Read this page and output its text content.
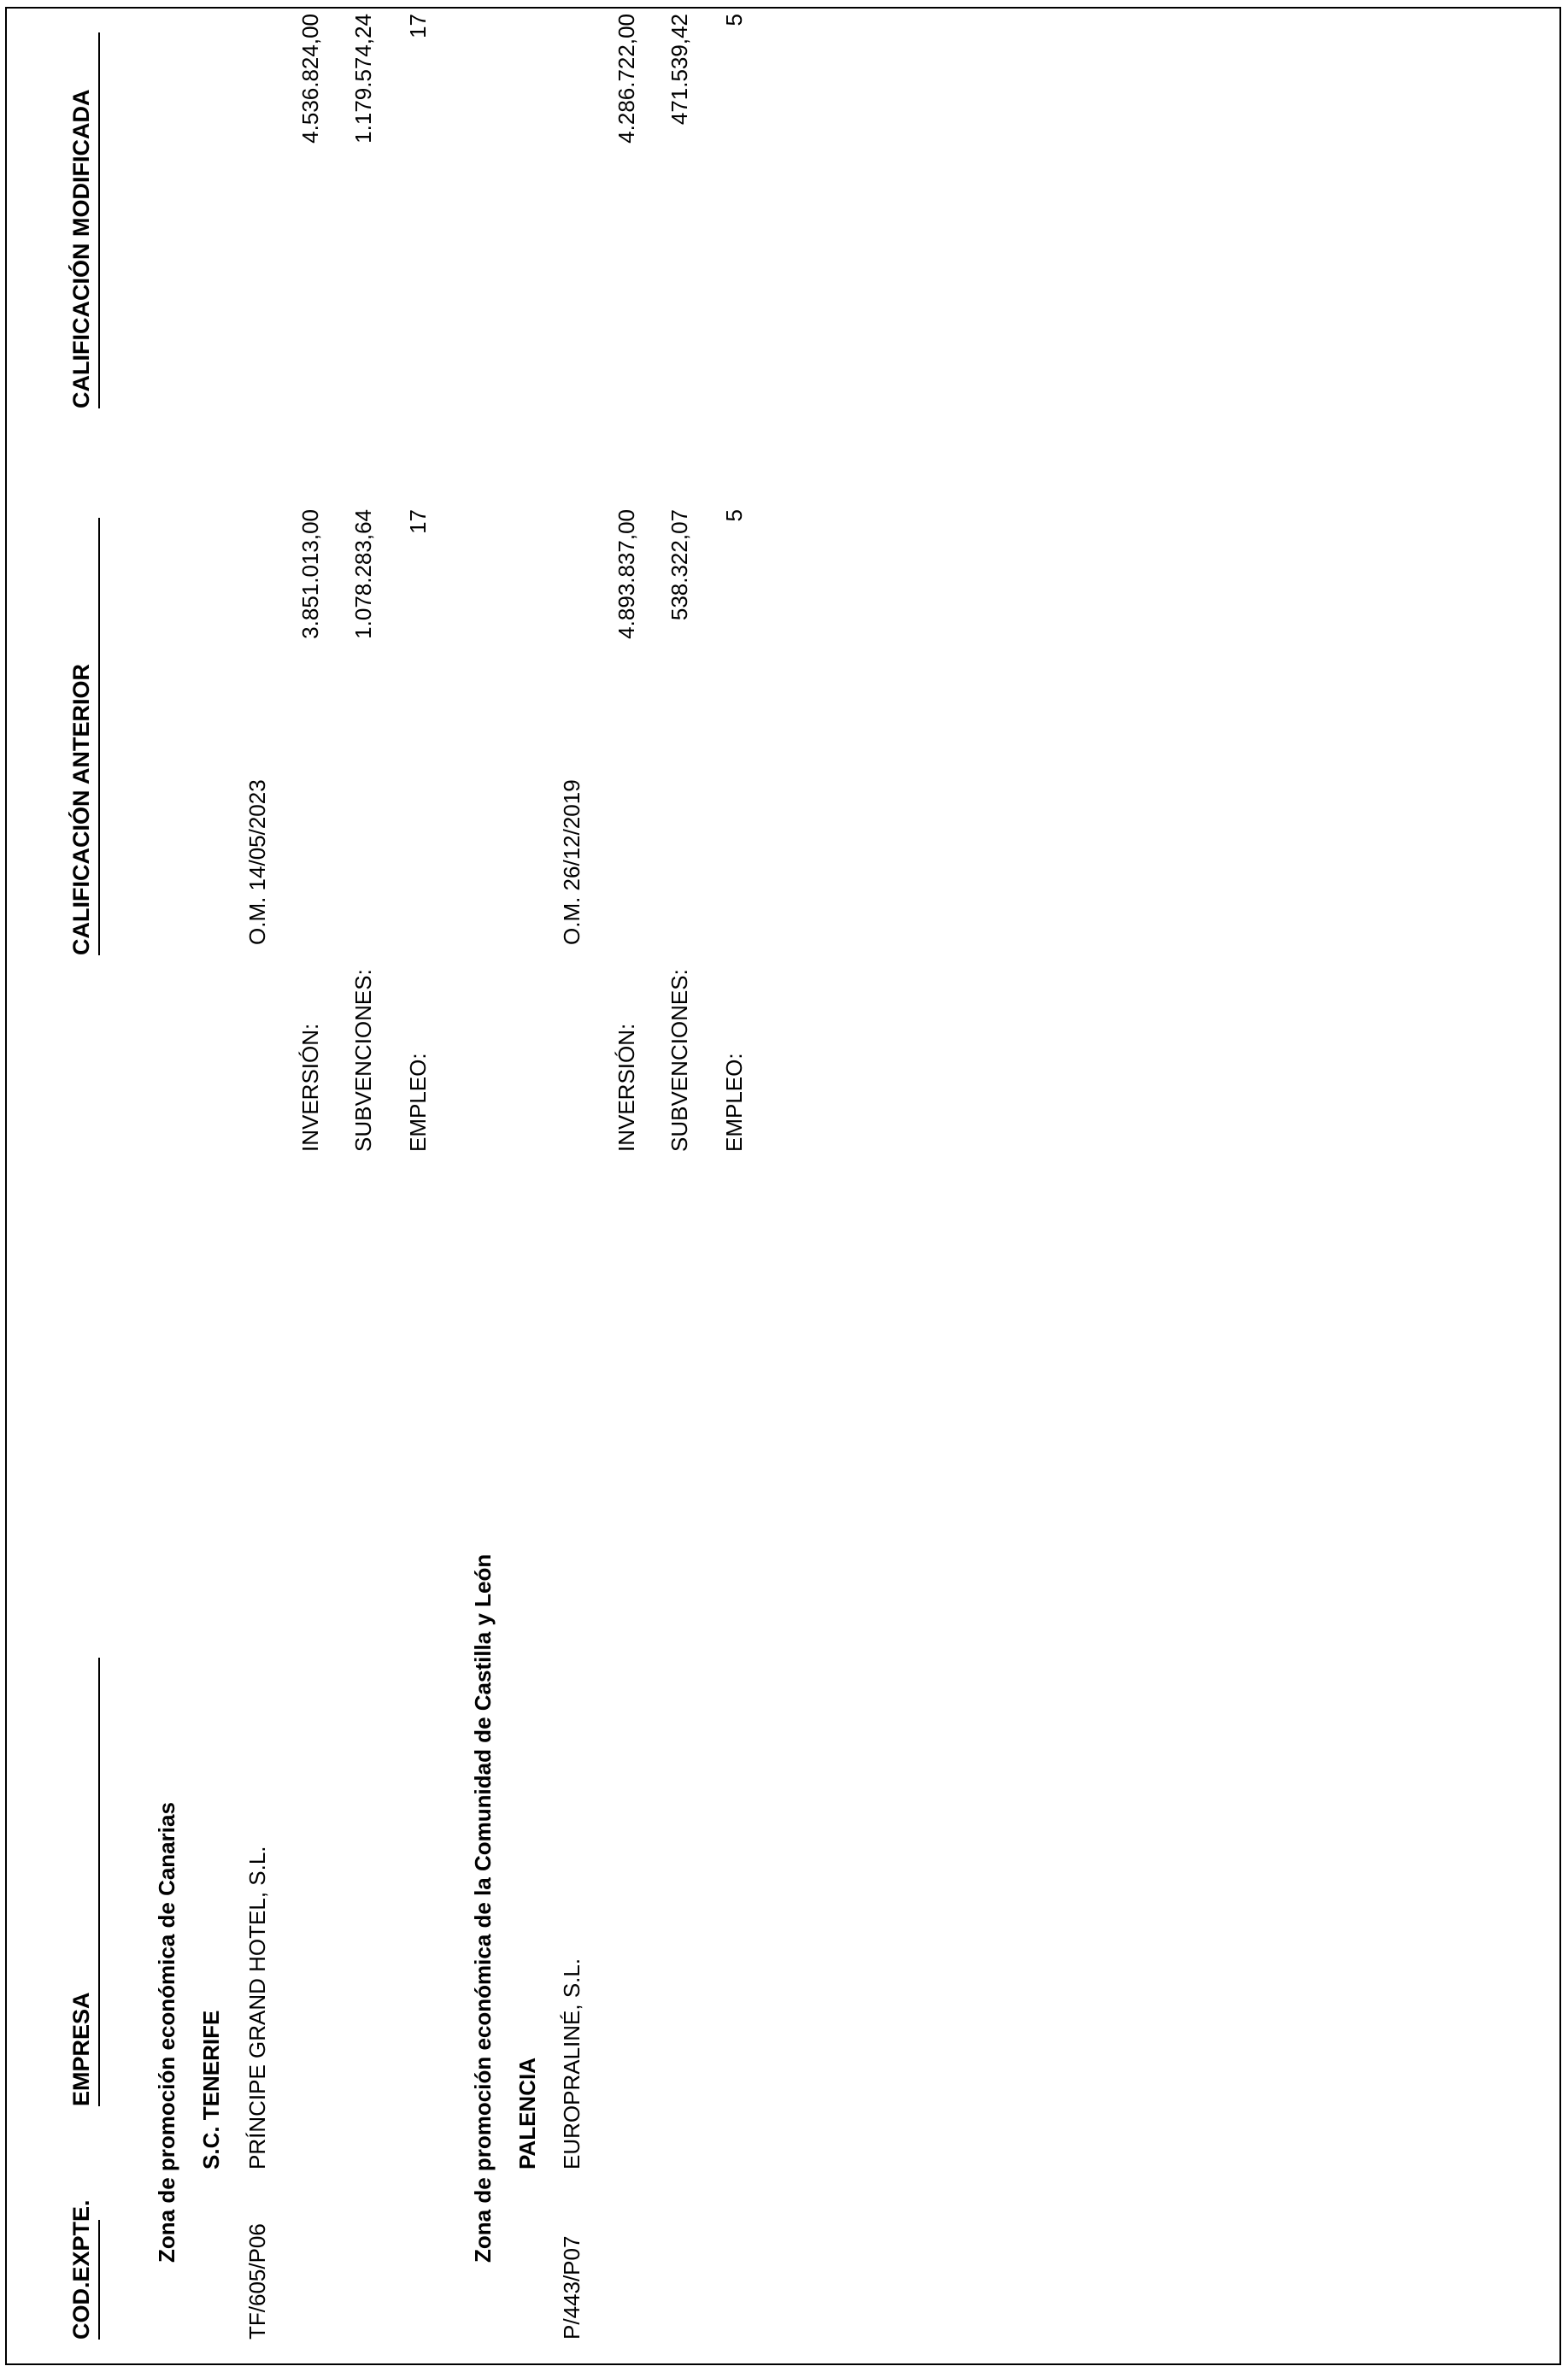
COD.EXPTE.
EMPRESA
CALIFICACIÓN ANTERIOR
CALIFICACIÓN MODIFICADA
Zona de promoción económica de Canarias S.C. TENERIFE
TF/605/P06
PRÍNCIPE GRAND HOTEL, S.L.
O.M. 14/05/2023
INVERSIÓN:
3.851.013,00
4.536.824,00
SUBVENCIONES:
1.078.283,64
1.179.574,24
EMPLEO:
17
17
Zona de promoción económica de la Comunidad de Castilla y León PALENCIA
P/443/P07
EUROPRALINÉ, S.L.
O.M. 26/12/2019
INVERSIÓN:
4.893.837,00
4.286.722,00
SUBVENCIONES:
538.322,07
471.539,42
EMPLEO:
5
5
